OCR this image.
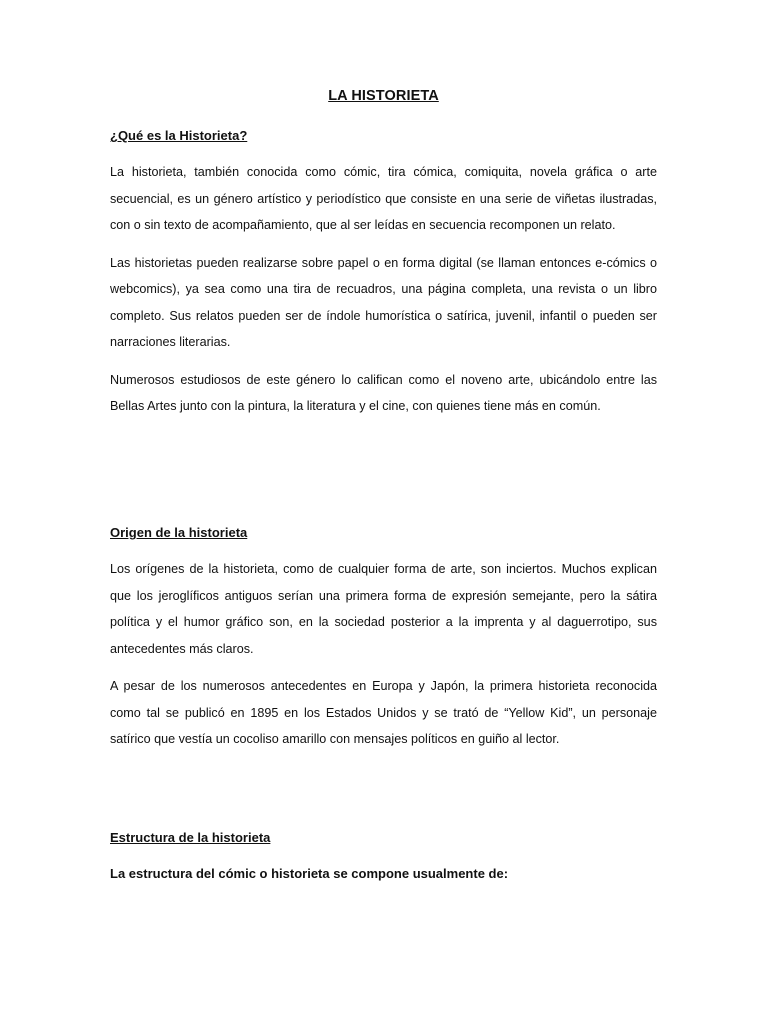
LA HISTORIETA

¿Qué es la Historieta?

La historieta, también conocida como cómic, tira cómica, comiquita, novela gráfica o arte secuencial, es un género artístico y periodístico que consiste en una serie de viñetas ilustradas, con o sin texto de acompañamiento, que al ser leídas en secuencia recomponen un relato.

Las historietas pueden realizarse sobre papel o en forma digital (se llaman entonces e-cómics o webcomics), ya sea como una tira de recuadros, una página completa, una revista o un libro completo. Sus relatos pueden ser de índole humorística o satírica, juvenil, infantil o pueden ser narraciones literarias.

Numerosos estudiosos de este género lo califican como el noveno arte, ubicándolo entre las Bellas Artes junto con la pintura, la literatura y el cine, con quienes tiene más en común.

Origen de la historieta

Los orígenes de la historieta, como de cualquier forma de arte, son inciertos. Muchos explican que los jeroglíficos antiguos serían una primera forma de expresión semejante, pero la sátira política y el humor gráfico son, en la sociedad posterior a la imprenta y al daguerrotipo, sus antecedentes más claros.

A pesar de los numerosos antecedentes en Europa y Japón, la primera historieta reconocida como tal se publicó en 1895 en los Estados Unidos y se trató de “Yellow Kid”, un personaje satírico que vestía un cocoliso amarillo con mensajes políticos en guiño al lector.

Estructura de la historieta

La estructura del cómic o historieta se compone usualmente de:
